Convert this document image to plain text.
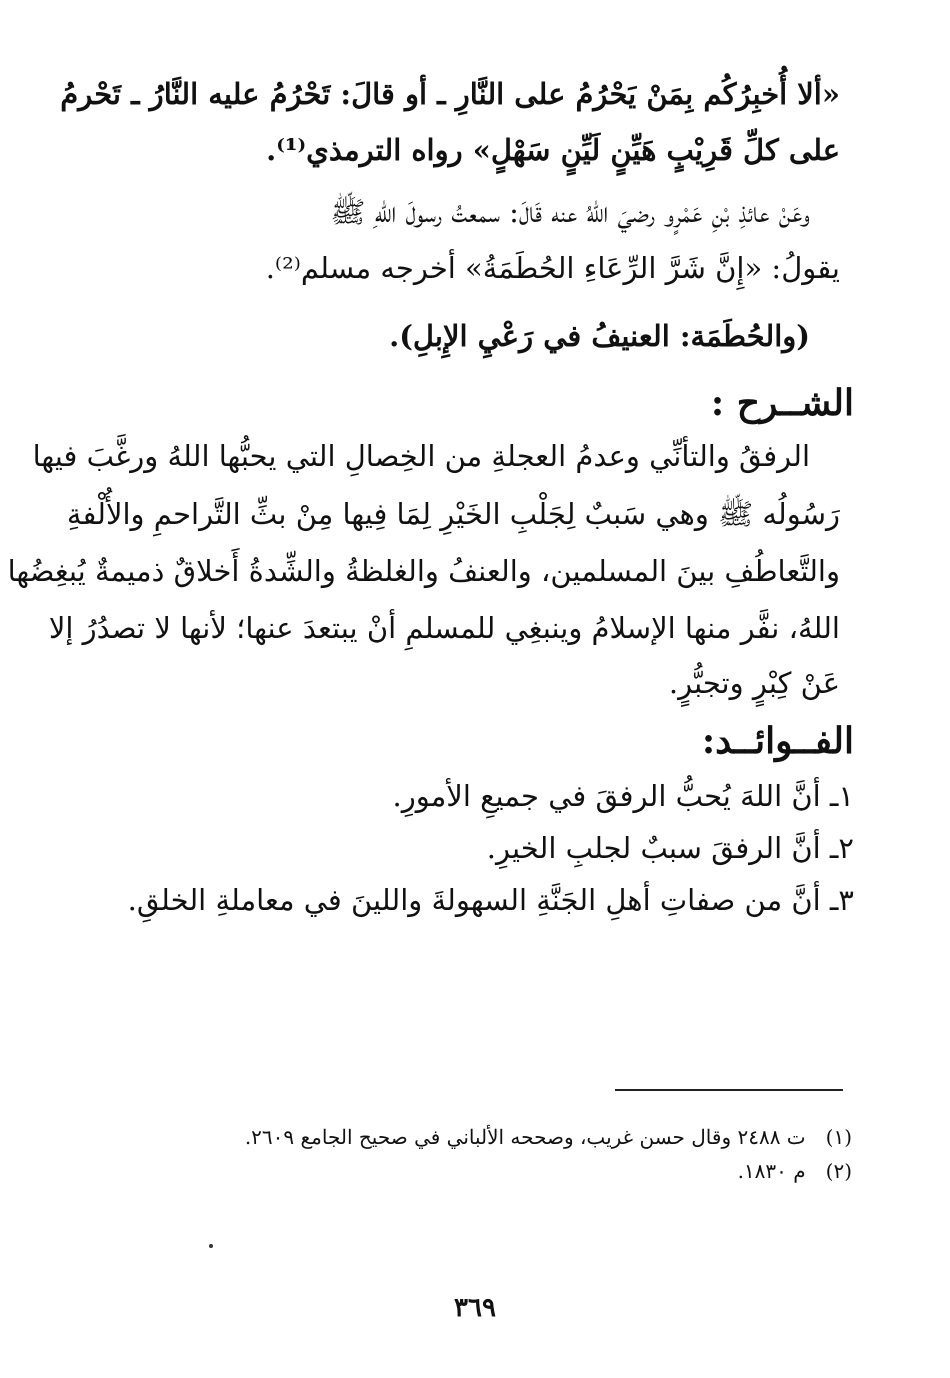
«ألا أُخبِرُكُم بِمَنْ يَحْرُمُ على النَّارِ ـ أو قالَ: تَحْرُمُ عليه النَّارُ ـ تَحْرمُ
على كلِّ قَرِيْبٍ هَيِّنٍ لَيِّنٍ سَهْلٍ» رواه الترمذي⁽¹⁾.
وعَنْ عائذِ بْنِ عَمْرٍو رضيَ اللهُ عنه قَالَ: سمعتُ رسولَ اللهِ ﷺ
يقولُ: «إِنَّ شَرَّ الرِّعَاءِ الحُطَمَةُ» أخرجه مسلم⁽²⁾.
(والحُطَمَة: العنيفُ في رَعْيِ الإِبلِ).
الشــرح :
الرفقُ والتأنِّي وعدمُ العجلةِ من الخِصالِ التي يحبُّها اللهُ ورغَّبَ فيها
رَسُولُه ﷺ وهي سَببٌ لِجَلْبِ الخَيْرِ لِمَا فِيها مِنْ بثِّ التَّراحمِ والأُلْفةِ
والتَّعاطُفِ بينَ المسلمين، والعنفُ والغلظةُ والشِّدةُ أَخلاقٌ ذميمةٌ يُبغِضُها
اللهُ، نفَّر منها الإسلامُ وينبغِي للمسلمِ أنْ يبتعدَ عنها؛ لأنها لا تصدُرُ إلا
عَنْ كِبْرٍ وتجبُّرٍ.
الفــوائــد:
١ـ أنَّ اللهَ يُحبُّ الرفقَ في جميعِ الأمورِ.
٢ـ أنَّ الرفقَ سببٌ لجلبِ الخيرِ.
٣ـ أنَّ من صفاتِ أهلِ الجَنَّةِ السهولةَ واللينَ في معاملةِ الخلقِ.
(١) ت ٢٤٨٨ وقال حسن غريب، وصححه الألباني في صحيح الجامع ٢٦٠٩.
(٢) م ١٨٣٠.
٣٦٩
